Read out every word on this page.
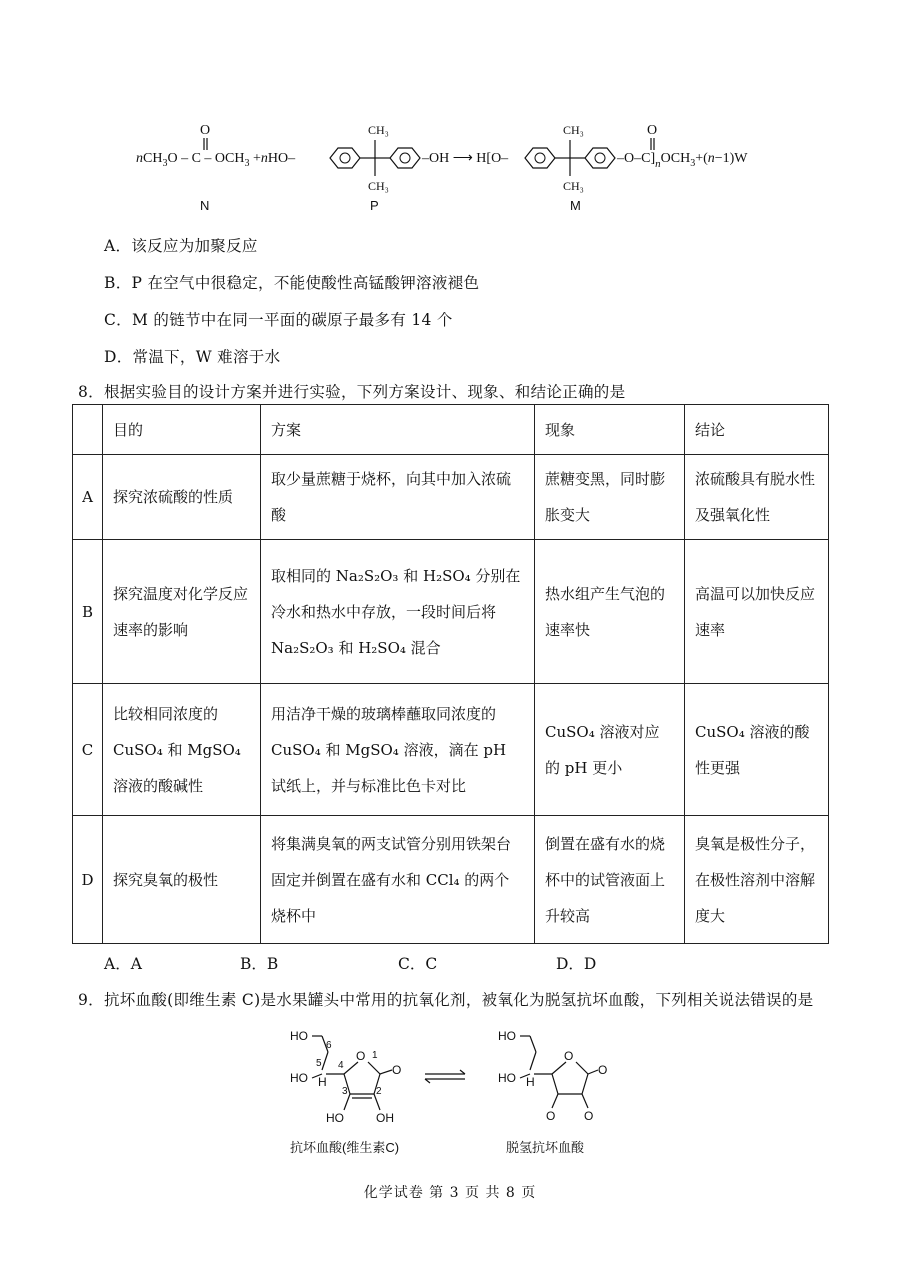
$nCH_3O - C - OCH_3 +nHO-$
O
N
CH₃
CH₃
–OH ⟶ H[O–
P
CH₃
CH₃
$-O-C]_nOCH_3+(n-1)W$
O
M
A．该反应为加聚反应
B．P 在空气中很稳定，不能使酸性高锰酸钾溶液褪色
C．M 的链节中在同一平面的碳原子最多有 14 个
D．常温下，W 难溶于水
8．根据实验目的设计方案并进行实验，下列方案设计、现象、和结论正确的是
	目的	方案	现象	结论
A	探究浓硫酸的性质	取少量蔗糖于烧杯，向其中加入浓硫酸	蔗糖变黑，同时膨胀变大	浓硫酸具有脱水性及强氧化性
B	探究温度对化学反应速率的影响	取相同的 Na₂S₂O₃ 和 H₂SO₄ 分别在冷水和热水中存放，一段时间后将 Na₂S₂O₃ 和 H₂SO₄ 混合	热水组产生气泡的速率快	高温可以加快反应速率
C	比较相同浓度的 CuSO₄ 和 MgSO₄ 溶液的酸碱性	用洁净干燥的玻璃棒蘸取同浓度的 CuSO₄ 和 MgSO₄ 溶液，滴在 pH 试纸上，并与标准比色卡对比	CuSO₄ 溶液对应的 pH 更小	CuSO₄ 溶液的酸性更强
D	探究臭氧的极性	将集满臭氧的两支试管分别用铁架台固定并倒置在盛有水和 CCl₄ 的两个烧杯中	倒置在盛有水的烧杯中的试管液面上升较高	臭氧是极性分子，在极性溶剂中溶解度大
A．A	B．B	C．C	D．D
9．抗坏血酸(即维生素 C)是水果罐头中常用的抗氧化剂，被氧化为脱氢抗坏血酸，下列相关说法错误的是
HO
6
5
HO H
4
O 1
O
3	2
HO	OH
抗坏血酸(维生素C)
HO
HO H
O
O
O O
脱氢抗坏血酸
化学试卷 第 3 页 共 8 页
